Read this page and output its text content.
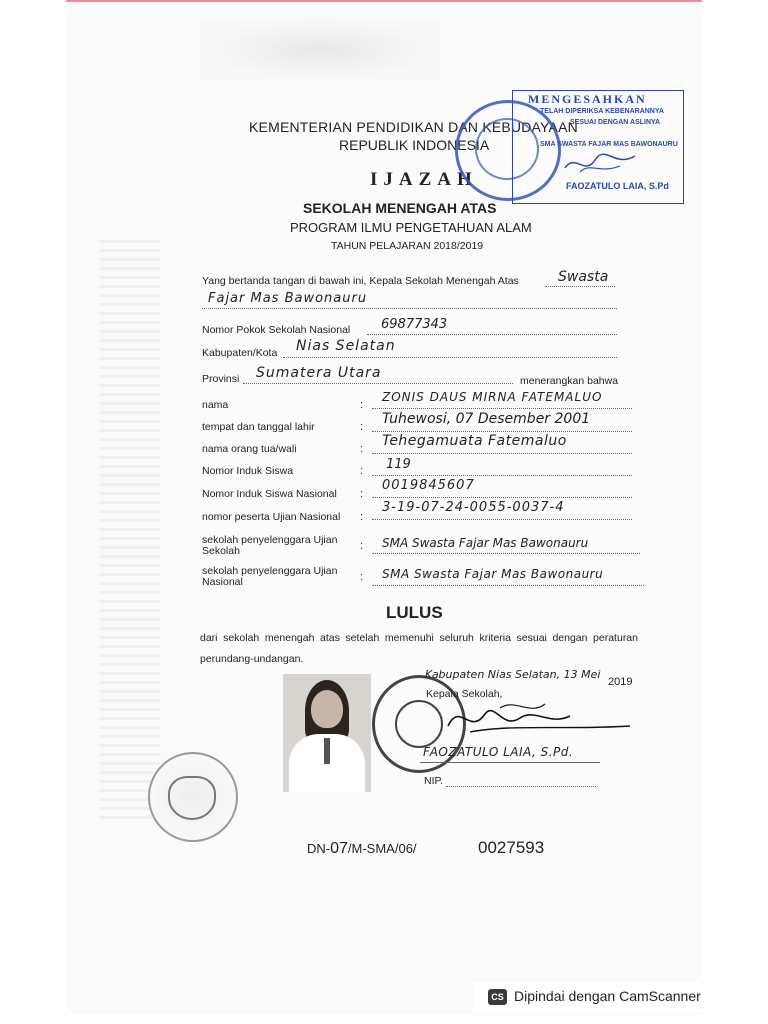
KEMENTERIAN PENDIDIKAN DAN KEBUDAYAAN
REPUBLIK INDONESIA
IJAZAH
SEKOLAH MENENGAH ATAS
PROGRAM ILMU PENGETAHUAN ALAM
TAHUN PELAJARAN 2018/2019
MENGESAHKAN
TELAH DIPERIKSA KEBENARANNYA
SESUAI DENGAN ASLINYA
SMA SWASTA FAJAR MAS BAWONAURU
FAOZATULO LAIA, S.Pd
Yang bertanda tangan di bawah ini, Kepala Sekolah Menengah Atas	Swasta
Fajar Mas Bawonauru
Nomor Pokok Sekolah Nasional 69877343
Kabupaten/Kota Nias Selatan
Provinsi Sumatera Utara	menerangkan bahwa
nama	:
ZONIS DAUS MIRNA FATEMALUO
tempat dan tanggal lahir	: Tuhewosi, 07 Desember 2001
nama orang tua/wali	: Tehegamuata Fatemaluo
Nomor Induk Siswa	: 119
Nomor Induk Siswa Nasional :
0019845607
nomor peserta Ujian Nasional :
3-19-07-24-0055-0037-4
sekolah penyelenggara Ujian
Sekolah	: SMA Swasta Fajar Mas Bawonauru
sekolah penyelenggara Ujian
Nasional	: SMA Swasta Fajar Mas Bawonauru
LULUS
dari sekolah menengah atas setelah memenuhi seluruh kriteria sesuai dengan peraturan perundang-undangan.
Kabupaten Nias Selatan, 13 Mei
2019
Kepala Sekolah,
FAOZATULO LAIA, S.Pd.
NIP.
DN-07/M-SMA/06/	0027593
CS Dipindai dengan CamScanner
